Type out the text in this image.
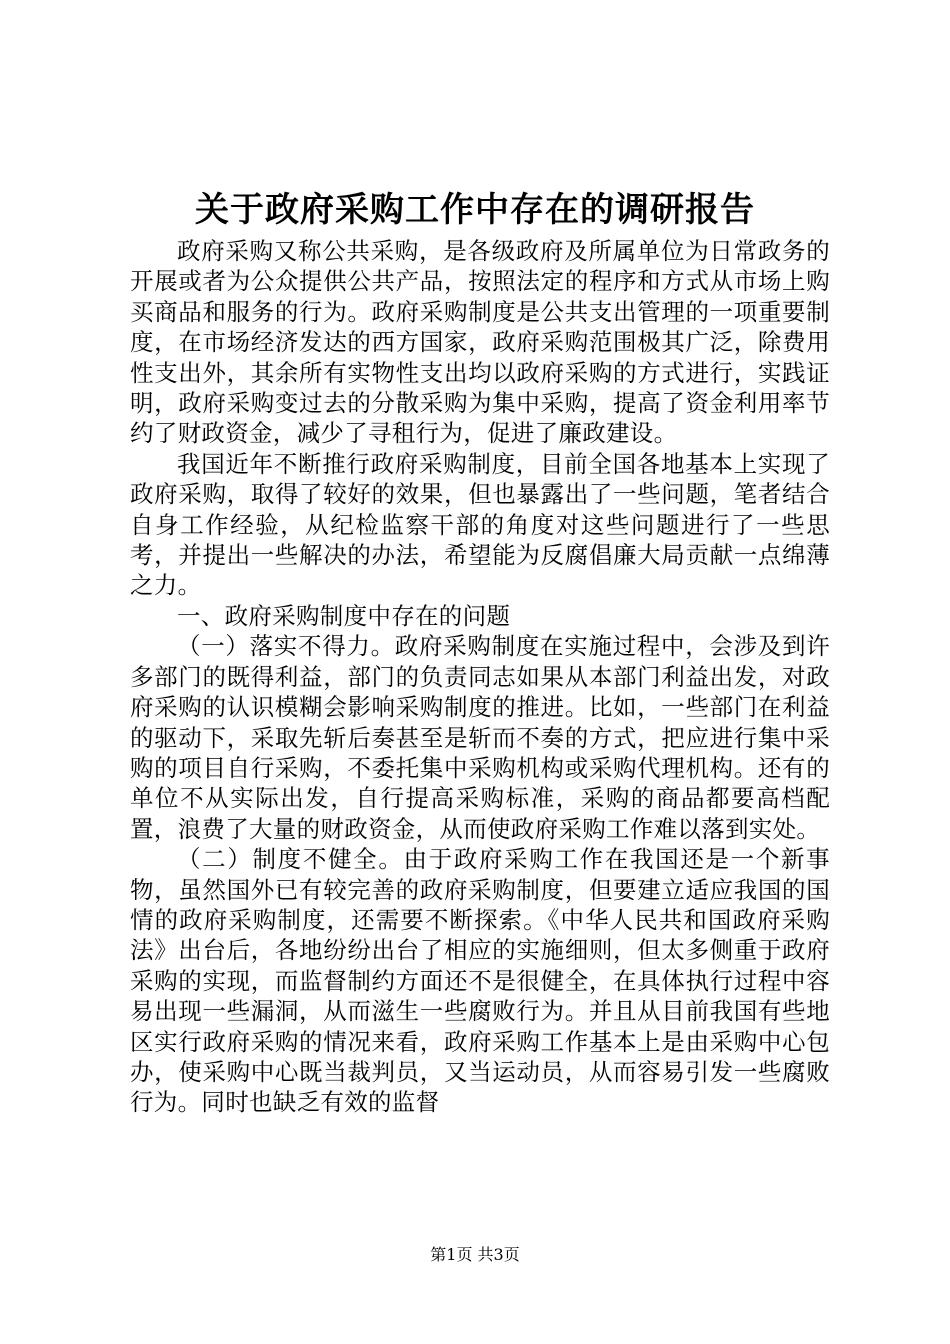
关于政府采购工作中存在的调研报告

政府采购又称公共采购，是各级政府及所属单位为日常政务的开展或者为公众提供公共产品，按照法定的程序和方式从市场上购买商品和服务的行为。政府采购制度是公共支出管理的一项重要制度，在市场经济发达的西方国家，政府采购范围极其广泛，除费用性支出外，其余所有实物性支出均以政府采购的方式进行，实践证明，政府采购变过去的分散采购为集中采购，提高了资金利用率节约了财政资金，减少了寻租行为，促进了廉政建设。

我国近年不断推行政府采购制度，目前全国各地基本上实现了政府采购，取得了较好的效果，但也暴露出了一些问题，笔者结合自身工作经验，从纪检监察干部的角度对这些问题进行了一些思考，并提出一些解决的办法，希望能为反腐倡廉大局贡献一点绵薄之力。

一、政府采购制度中存在的问题

（一）落实不得力。政府采购制度在实施过程中，会涉及到许多部门的既得利益，部门的负责同志如果从本部门利益出发，对政府采购的认识模糊会影响采购制度的推进。比如，一些部门在利益的驱动下，采取先斩后奏甚至是斩而不奏的方式，把应进行集中采购的项目自行采购，不委托集中采购机构或采购代理机构。还有的单位不从实际出发，自行提高采购标准，采购的商品都要高档配置，浪费了大量的财政资金，从而使政府采购工作难以落到实处。

（二）制度不健全。由于政府采购工作在我国还是一个新事物，虽然国外已有较完善的政府采购制度，但要建立适应我国的国情的政府采购制度，还需要不断探索。《中华人民共和国政府采购法》出台后，各地纷纷出台了相应的实施细则，但太多侧重于政府采购的实现，而监督制约方面还不是很健全，在具体执行过程中容易出现一些漏洞，从而滋生一些腐败行为。并且从目前我国有些地区实行政府采购的情况来看，政府采购工作基本上是由采购中心包办，使采购中心既当裁判员，又当运动员，从而容易引发一些腐败行为。同时也缺乏有效的监督

第1页 共3页
